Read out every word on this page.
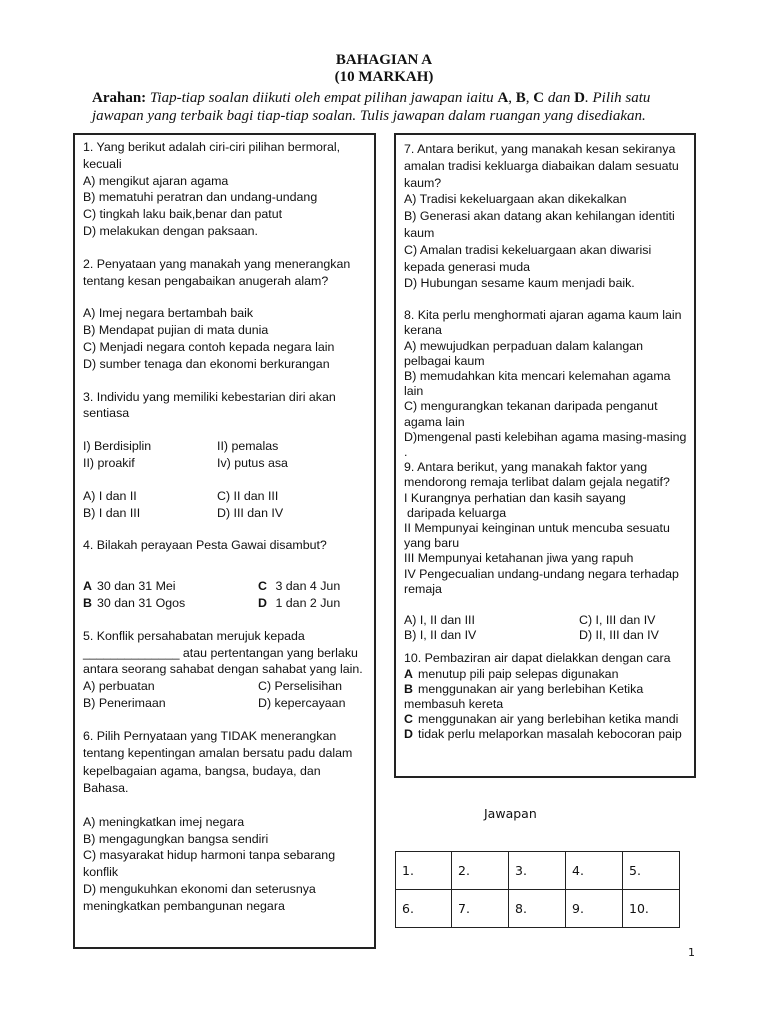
BAHAGIAN A
(10 MARKAH)
Arahan: Tiap-tiap soalan diikuti oleh empat pilihan jawapan iaitu A, B, C dan D. Pilih satu jawapan yang terbaik bagi tiap-tiap soalan. Tulis jawapan dalam ruangan yang disediakan.

1. Yang berikut adalah ciri-ciri pilihan bermoral, kecuali

A) mengikut ajaran agama

B) mematuhi peratran dan undang-undang

C) tingkah laku baik,benar dan patut

D) melakukan dengan paksaan.

2. Penyataan yang manakah yang menerangkan tentang kesan pengabaikan anugerah alam?

A) Imej negara bertambah baik

B) Mendapat pujian di mata dunia

C) Menjadi negara contoh kepada negara lain

D) sumber tenaga dan ekonomi berkurangan

3. Individu yang memiliki kebestarian diri akan sentiasa

I) Berdisiplin	II) pemalas
II) proakif	Iv) putus asa
A) I dan II	C) II dan III
B) I dan III	D) III dan IV

4. Bilakah perayaan Pesta Gawai disambut?

A 30 dan 31 Mei	C 3 dan 4 Jun
B 30 dan 31 Ogos	D 1 dan 2 Jun

5. Konflik persahabatan merujuk kepada

______________ atau pertentangan yang berlaku

antara seorang sahabat dengan sahabat yang lain.

A) perbuatan	C) Perselisihan
B) Penerimaan	D) kepercayaan

6. Pilih Pernyataan yang TIDAK menerangkan tentang kepentingan amalan bersatu padu dalam kepelbagaian agama, bangsa, budaya, dan Bahasa.

A) meningkatkan imej negara

B) mengagungkan bangsa sendiri

C) masyarakat hidup harmoni tanpa sebarang konflik

D) mengukuhkan ekonomi dan seterusnya meningkatkan pembangunan negara

7. Antara berikut, yang manakah kesan sekiranya amalan tradisi kekluarga diabaikan dalam sesuatu kaum?

A) Tradisi kekeluargaan akan dikekalkan

B) Generasi akan datang akan kehilangan identiti kaum

C) Amalan tradisi kekeluargaan akan diwarisi kepada generasi muda

D) Hubungan sesame kaum menjadi baik.

8. Kita perlu menghormati ajaran agama kaum lain kerana

A) mewujudkan perpaduan dalam kalangan pelbagai kaum

B) memudahkan kita mencari kelemahan agama lain

C) mengurangkan tekanan daripada penganut agama lain

D)mengenal pasti kelebihan agama masing-masing

.

9. Antara berikut, yang manakah faktor yang mendorong remaja terlibat dalam gejala negatif?

I Kurangnya perhatian dan kasih sayang

daripada keluarga

II Mempunyai keinginan untuk mencuba sesuatu yang baru

III Mempunyai ketahanan jiwa yang rapuh

IV Pengecualian undang-undang negara terhadap remaja

A) I, II dan III	C) I, III dan IV
B) I, II dan IV	D) II, III dan IV

10. Pembaziran air dapat dielakkan dengan cara

A menutup pili paip selepas digunakan

B menggunakan air yang berlebihan Ketika membasuh kereta

C menggunakan air yang berlebihan ketika mandi

D tidak perlu melaporkan masalah kebocoran paip

Jawapan
1.	2.	3.	4.	5.
6.	7.	8.	9.	10.
1
